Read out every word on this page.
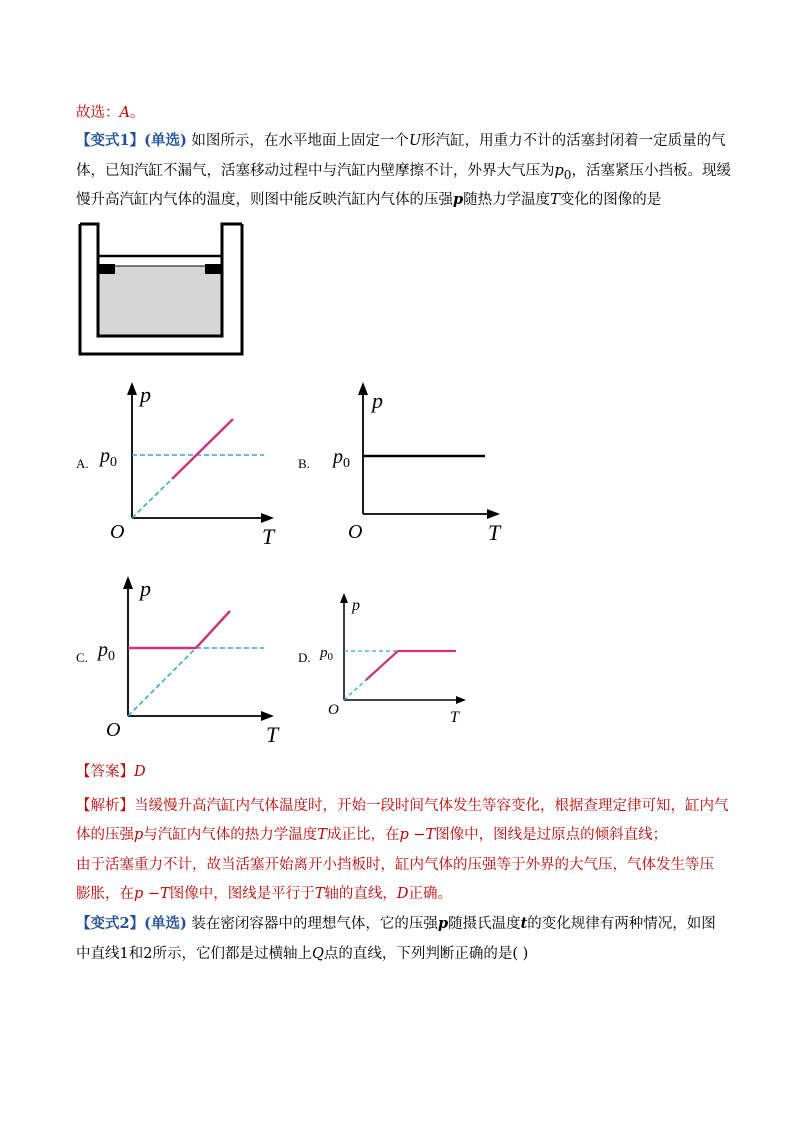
故选：A。
【变式1】(单选) 如图所示，在水平地面上固定一个U形汽缸，用重力不计的活塞封闭着一定质量的气
体，已知汽缸不漏气，活塞移动过程中与汽缸内壁摩擦不计，外界大气压为$p_0$，活塞紧压小挡板。现缓
慢升高汽缸内气体的温度，则图中能反映汽缸内气体的压强p随热力学温度T变化的图像的是
A.
p
$p_0$
O	T
B.
p
$p_0$
O	T
C.
p
$p_0$
O	T
D.
p
$p_0$
O	T
【答案】D
【解析】当缓慢升高汽缸内气体温度时，开始一段时间气体发生等容变化，根据查理定律可知，缸内气
体的压强p与汽缸内气体的热力学温度T成正比，在p −T图像中，图线是过原点的倾斜直线；
由于活塞重力不计，故当活塞开始离开小挡板时，缸内气体的压强等于外界的大气压，气体发生等压
膨胀，在p −T图像中，图线是平行于T轴的直线，D正确。
【变式2】(单选) 装在密闭容器中的理想气体，它的压强p随摄氏温度t的变化规律有两种情况，如图
中直线1和2所示，它们都是过横轴上Q点的直线，下列判断正确的是( )
